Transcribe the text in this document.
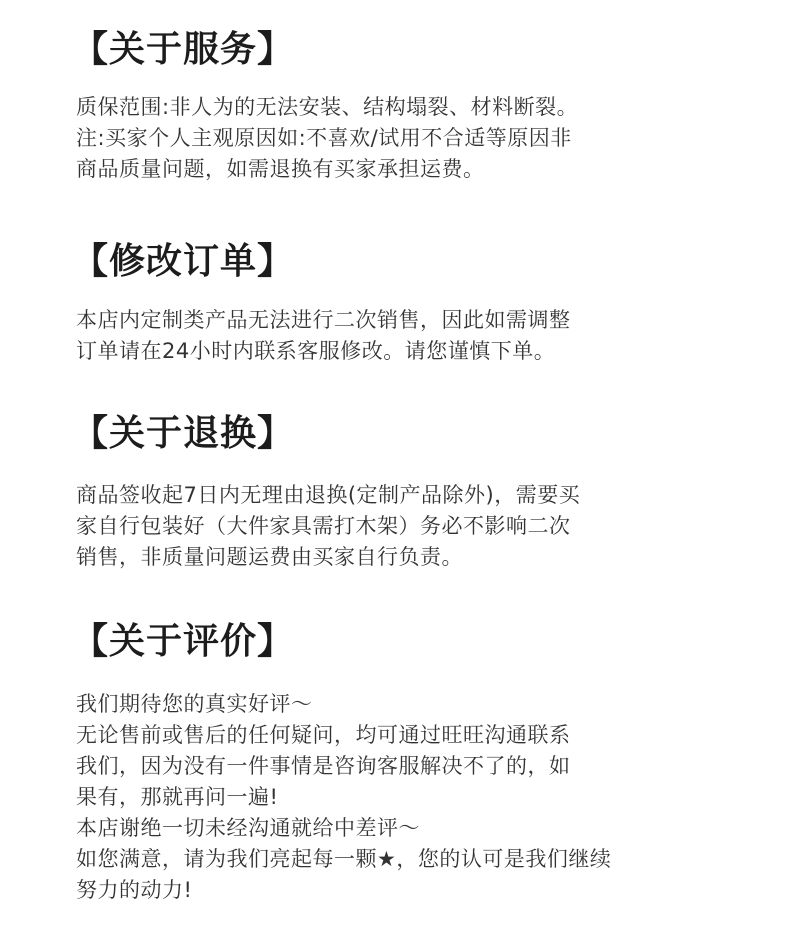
【关于服务】
质保范围:非人为的无法安装、结构塌裂、材料断裂。
注:买家个人主观原因如:不喜欢/试用不合适等原因非
商品质量问题，如需退换有买家承担运费。
【修改订单】
本店内定制类产品无法进行二次销售，因此如需调整
订单请在24小时内联系客服修改。请您谨慎下单。
【关于退换】
商品签收起7日内无理由退换(定制产品除外)，需要买
家自行包装好（大件家具需打木架）务必不影响二次
销售，非质量问题运费由买家自行负责。
【关于评价】
我们期待您的真实好评～
无论售前或售后的任何疑问，均可通过旺旺沟通联系
我们，因为没有一件事情是咨询客服解决不了的，如
果有，那就再问一遍!
本店谢绝一切未经沟通就给中差评～
如您满意，请为我们亮起每一颗★，您的认可是我们继续
努力的动力!
